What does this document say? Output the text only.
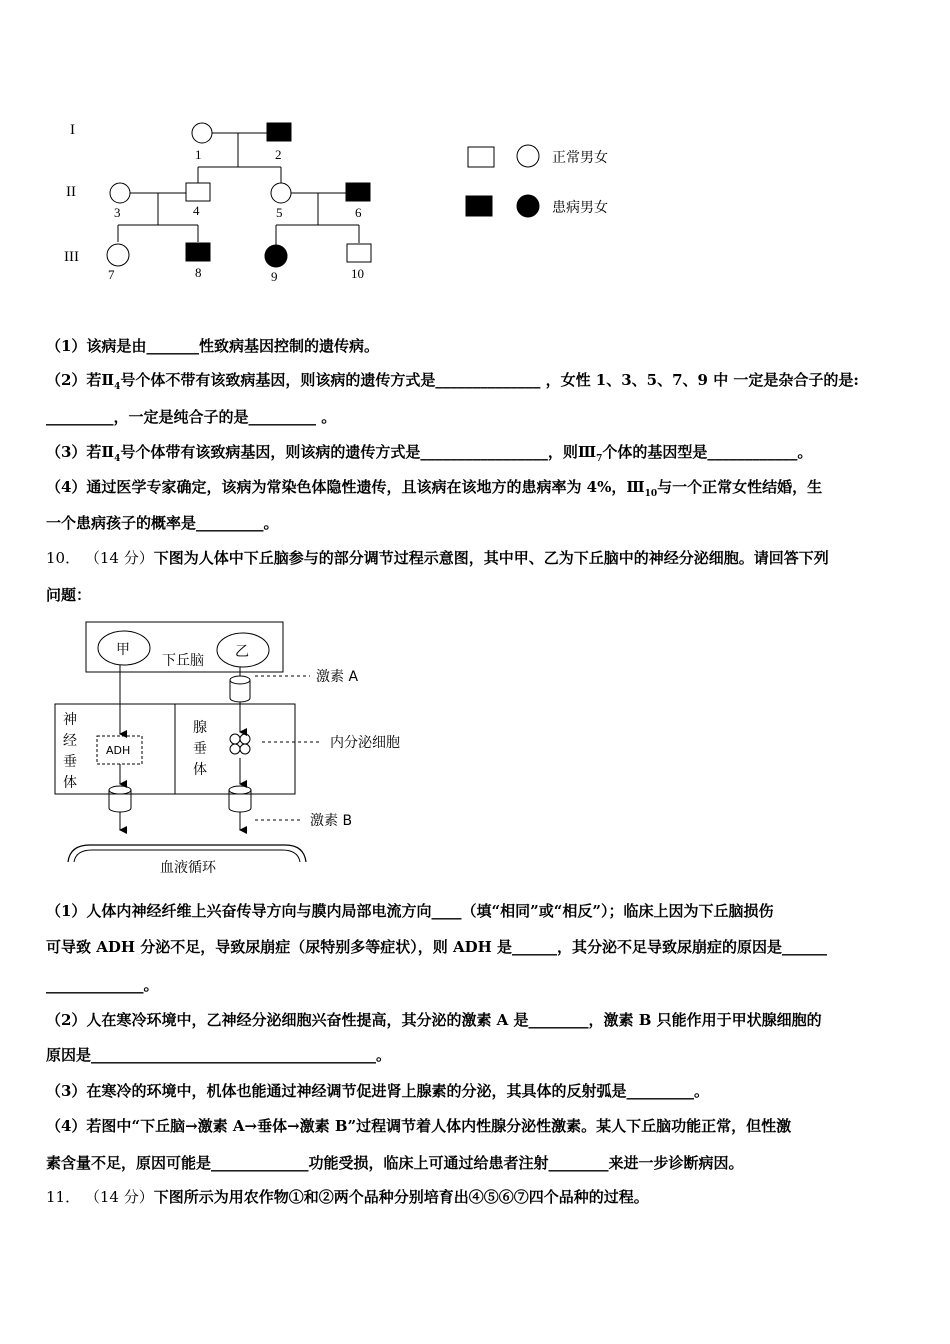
I
II
III
1	2
3	4	5	6
7	8	9	10
正常男女
患病男女
（1）该病是由_______性致病基因控制的遗传病。
（2）若$Ⅱ_4$号个体不带有该致病基因，则该病的遗传方式是______________ ，女性 1、3、5、7、9 中 一定是杂合子的是:
_________，一定是纯合子的是_________ 。
（3）若$Ⅱ_4$号个体带有该致病基因，则该病的遗传方式是_________________，则$Ⅲ_7$个体的基因型是____________。
（4）通过医学专家确定，该病为常染色体隐性遗传，且该病在该地方的患病率为 4%，$Ⅲ_{10}$与一个正常女性结婚，生
一个患病孩子的概率是_________。
10． （14 分）下图为人体中下丘脑参与的部分调节过程示意图，其中甲、乙为下丘脑中的神经分泌细胞。请回答下列
问题：
甲	乙
下丘脑
激素 A
神
经
垂
体
ADH
腺
垂
体
内分泌细胞
激素 B
血液循环
（1）人体内神经纤维上兴奋传导方向与膜内局部电流方向____（填“相同”或“相反”）；临床上因为下丘脑损伤
可导致 ADH 分泌不足，导致尿崩症（尿特别多等症状），则 ADH 是______，其分泌不足导致尿崩症的原因是______
_____________。
（2）人在寒冷环境中，乙神经分泌细胞兴奋性提高，其分泌的激素 A 是________，激素 B 只能作用于甲状腺细胞的
原因是______________________________________。
（3）在寒冷的环境中，机体也能通过神经调节促进肾上腺素的分泌，其具体的反射弧是_________。
（4）若图中“下丘脑→激素 A→垂体→激素 B”过程调节着人体内性腺分泌性激素。某人下丘脑功能正常，但性激
素含量不足，原因可能是_____________功能受损，临床上可通过给患者注射________来进一步诊断病因。
11． （14 分）下图所示为用农作物①和②两个品种分别培育出④⑤⑥⑦四个品种的过程。
